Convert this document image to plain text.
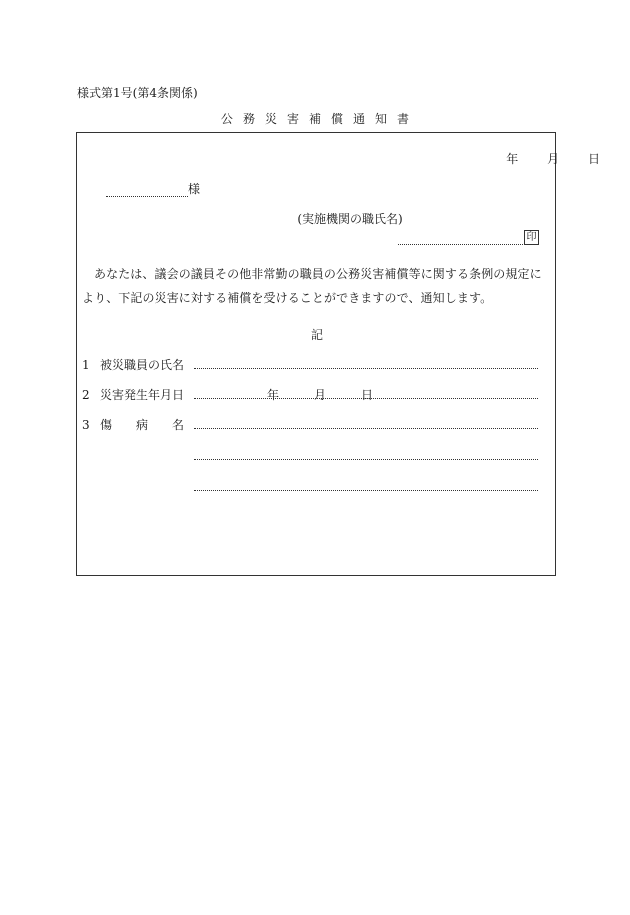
様式第1号(第4条関係)
公 務 災 害 補 償 通 知 書
年 月 日
様
(実施機関の職氏名)
印
あなたは、議会の議員その他非常勤の職員の公務災害補償等に関する条例の規定により、下記の災害に対する補償を受けることができますので、通知します。
記
1 被災職員の氏名
2 災害発生年月日	年	月	日
3 傷 病 名
